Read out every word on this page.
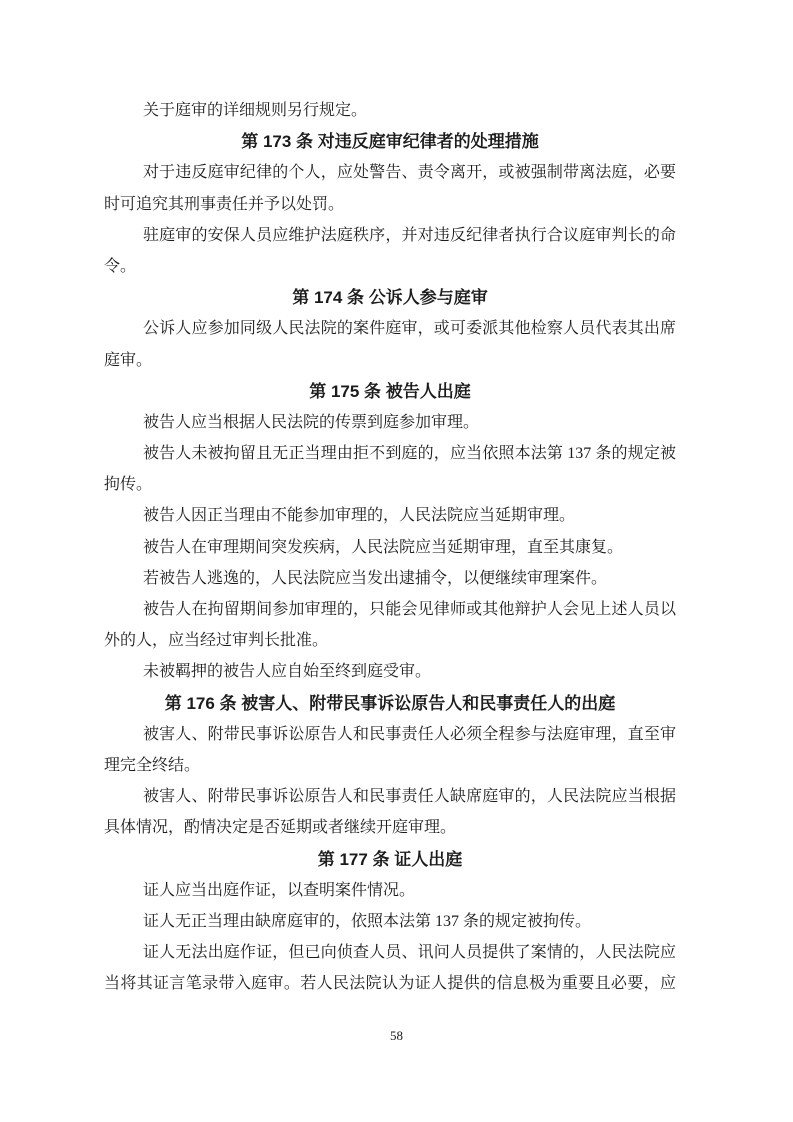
关于庭审的详细规则另行规定。
第 173 条 对违反庭审纪律者的处理措施
对于违反庭审纪律的个人，应处警告、责令离开，或被强制带离法庭，必要
时可追究其刑事责任并予以处罚。
驻庭审的安保人员应维护法庭秩序，并对违反纪律者执行合议庭审判长的命
令。
第 174 条 公诉人参与庭审
公诉人应参加同级人民法院的案件庭审，或可委派其他检察人员代表其出席
庭审。
第 175 条 被告人出庭
被告人应当根据人民法院的传票到庭参加审理。
被告人未被拘留且无正当理由拒不到庭的，应当依照本法第 137 条的规定被
拘传。
被告人因正当理由不能参加审理的，人民法院应当延期审理。
被告人在审理期间突发疾病，人民法院应当延期审理，直至其康复。
若被告人逃逸的，人民法院应当发出逮捕令，以便继续审理案件。
被告人在拘留期间参加审理的，只能会见律师或其他辩护人会见上述人员以
外的人，应当经过审判长批准。
未被羁押的被告人应自始至终到庭受审。
第 176 条 被害人、附带民事诉讼原告人和民事责任人的出庭
被害人、附带民事诉讼原告人和民事责任人必须全程参与法庭审理，直至审
理完全终结。
被害人、附带民事诉讼原告人和民事责任人缺席庭审的，人民法院应当根据
具体情况，酌情决定是否延期或者继续开庭审理。
第 177 条 证人出庭
证人应当出庭作证，以查明案件情况。
证人无正当理由缺席庭审的，依照本法第 137 条的规定被拘传。
证人无法出庭作证，但已向侦查人员、讯问人员提供了案情的，人民法院应
当将其证言笔录带入庭审。若人民法院认为证人提供的信息极为重要且必要，应
58
